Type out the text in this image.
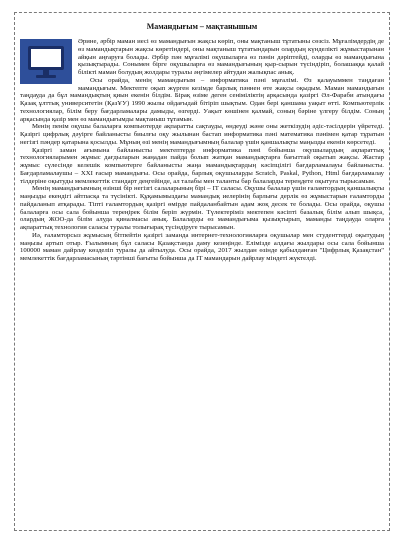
Мамандығым – мақтанышым

Әрине, әрбір маман иесі өз мамандығын жақсы көріп, оны мақтаныш тұтатыны сөзсіз. Мұғалімдердің де өз мамандықтарын жақсы көретіндері, оны мақтаныш тұтатындарын олардың күнделікті жұмыстарынан айқын аңғаруға болады. Әрбір пән мұғалімі оқушыларға өз пәнін дәріптейді, оларды өз мамандығына қызықтырады. Сонымен бірге оқушыларға өз мамандығының қыр-сырын түсіндіріп, болашаққа қалай білікті маман болудың жолдары туралы әңгімелер айтудан жалықпас анық.

Осы орайда, менің мамандығым – информатика пәні мұғалімі. Өз қалауыммен таңдаған мамандығым. Мектепте оқып жүрген кезімде барлық пәннен өте жақсы оқыдым. Маман мамандығын таңдауда да бұл мамандықтың қиын екенін білдім. Бірақ өзіме деген сеніміліктің арқасында қазіргі Әл-Фараби атындағы Қазақ ұлттық университетін (ҚазҰУ) 1990 жылы ойдағыдай бітіріп шықтым. Одан бері қаншама уақыт өтті. Компьютерлік технологиялар, білім беру бағдарламалары дамыды, өзгерді. Уақыт көшінен қалмай, соның бәріне үлгеру білдім. Соның арқасында қазір мен өз мамандығымды мақтаныш тұтамын.

Менің пенім оқушы балаларға компьютерде ақпаратты сақтауды, өндеуді және оны жеткізудің әдіс-тәсілдерін үйретеді. Қазіргі цифрлық дәуірге байланысты биылғы оқу жылынан бастап информатика пәні математика пәнімен қатар тұратын негізгі пәндер қатарына қосылды. Мұның өзі менің мамандығымның балалар үшін қаншалықты маңызды екенін көрсетеді.

Қазіргі заман ағымына байланысты мектептерде информатика пәні бойынша оқушылардың ақпараттық технологияларымен жұмыс дағдыларын жаңадан пайда болып жатқан мамандықтарға бағыттай оқытып жақсы. Жастар жұмыс сүлесінде келешік компьютерге байланысты жаңа мамандықтардың кәсіпцілігі бағдарламалауы байланысты. Бағдарламалаушы – XXI ғасыр мамандығы. Осы орайда, барлық оқушыларды Scratch, Paskal, Python, Html бағдарламалау тілдеріне оқытуды мемлекеттік стандарт деңгейінде, ал талабы мен таланты бар балаларды тереңдете оқытуға тырысамын.

Менің мамандығымның өзінші бір негізгі салаларының бірі – ІТ саласы. Оқушы балалар үшін ғаламтордың қаншалықты маңызды екендігі айтпасқа та түсінікті. Құқамымыздағы мамандық иелерінің барлығы дерлік өз жұмыстарын ғаламторды пайдаланып атқарады. Тіпті ғаламтордың қазіргі өмірде пайдаланбайтын адам жоқ десек те болады. Осы орайда, оқушы балаларға осы сала бойынша тереңірек білім беріп жүрмін. Түлектеріміз мектепен кәсіпті базалық білім алып шықса, олардың ЖОО-да білім алуда қиналмасы анық. Балаларды өз мамандығыма қызықтырып, маманды таңдауда оларға ақпараттық технология саласы туралы толығырақ түсіндіруге тырысамын.

Иә, ғаламторсыз жұмысың бітпейтін қазіргі заманда интернет-технологияларға оқушылар мен студенттерді оқытудың маңызы артып отыр. Ғылымның бұл саласы Қазақстанда даму кезеңінде. Елімізде алдағы жылдары осы сала бойынша 100000 маман дайрлау көзделіп туралы да айтылуда. Осы орайда, 2017 жылдан өзінде қабылданған "Цифрлық Қазақстан" мемлекеттік бағдарламасының тәртінші бағыты бойынша да ІТ мамандарын дайрлау міндеті жүктелді.
